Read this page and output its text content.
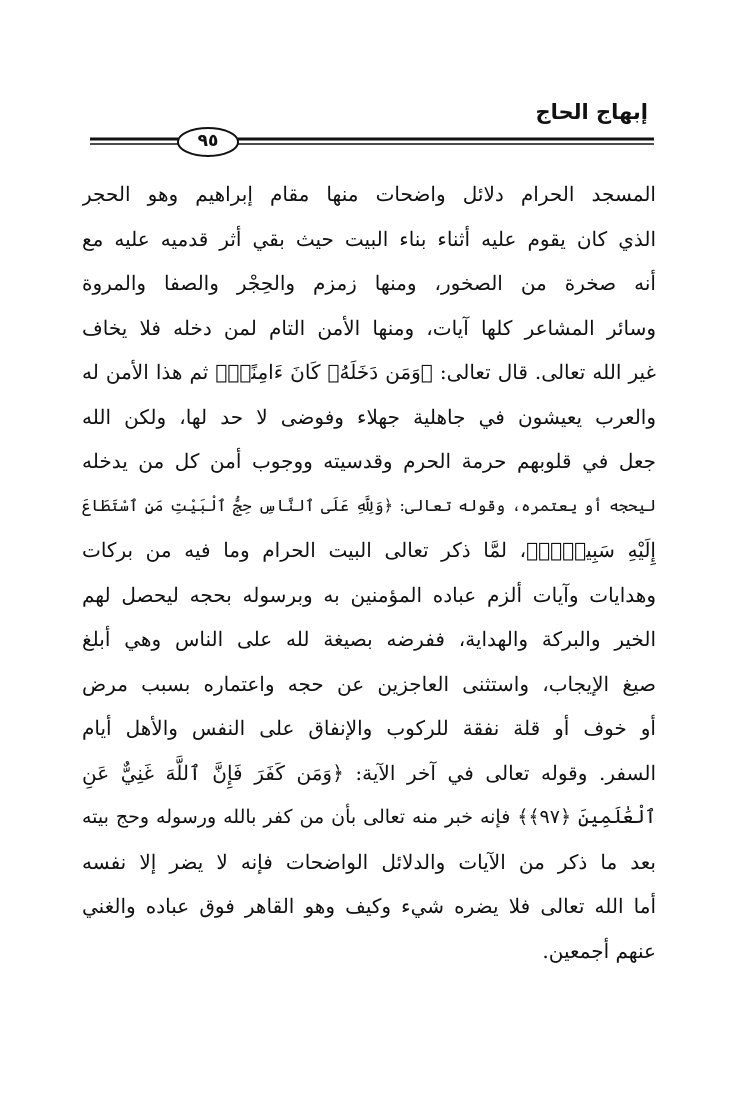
إبهاج الحاج
٩٥
المسجد الحرام دلائل واضحات منها مقام إبراهيم وهو الحجر
الذي كان يقوم عليه أثناء بناء البيت حيث بقي أثر قدميه عليه مع
أنه صخرة من الصخور، ومنها زمزم والحِجْر والصفا والمروة
وسائر المشاعر كلها آيات، ومنها الأمن التام لمن دخله فلا يخاف
غير الله تعالى. قال تعالى: ﴿وَمَن دَخَلَهُۥ كَانَ ءَامِنًاۗ﴾ ثم هذا الأمن له
والعرب يعيشون في جاهلية جهلاء وفوضى لا حد لها، ولكن الله
جعل في قلوبهم حرمة الحرم وقدسيته ووجوب أمن كل من يدخله
ليحجه أو يعتمره، وقوله تعالى: ﴿وَلِلَّهِ عَلَى ٱلنَّاسِ حِجُّ ٱلْبَيْتِ مَنِ ٱسْتَطَاعَ
إِلَيْهِ سَبِيلًاۚ﴾، لمَّا ذكر تعالى البيت الحرام وما فيه من بركات
وهدايات وآيات ألزم عباده المؤمنين به وبرسوله بحجه ليحصل لهم
الخير والبركة والهداية، ففرضه بصيغة لله على الناس وهي أبلغ
صيغ الإيجاب، واستثنى العاجزين عن حجه واعتماره بسبب مرض
أو خوف أو قلة نفقة للركوب والإنفاق على النفس والأهل أيام
السفر. وقوله تعالى في آخر الآية: ﴿وَمَن كَفَرَ فَإِنَّ ٱللَّهَ غَنِيٌّ عَنِ
ٱلْعَٰلَمِينَ ﴿٩٧﴾﴾ فإنه خبر منه تعالى بأن من كفر بالله ورسوله وحج بيته
بعد ما ذكر من الآيات والدلائل الواضحات فإنه لا يضر إلا نفسه
أما الله تعالى فلا يضره شيء وكيف وهو القاهر فوق عباده والغني
عنهم أجمعين.
